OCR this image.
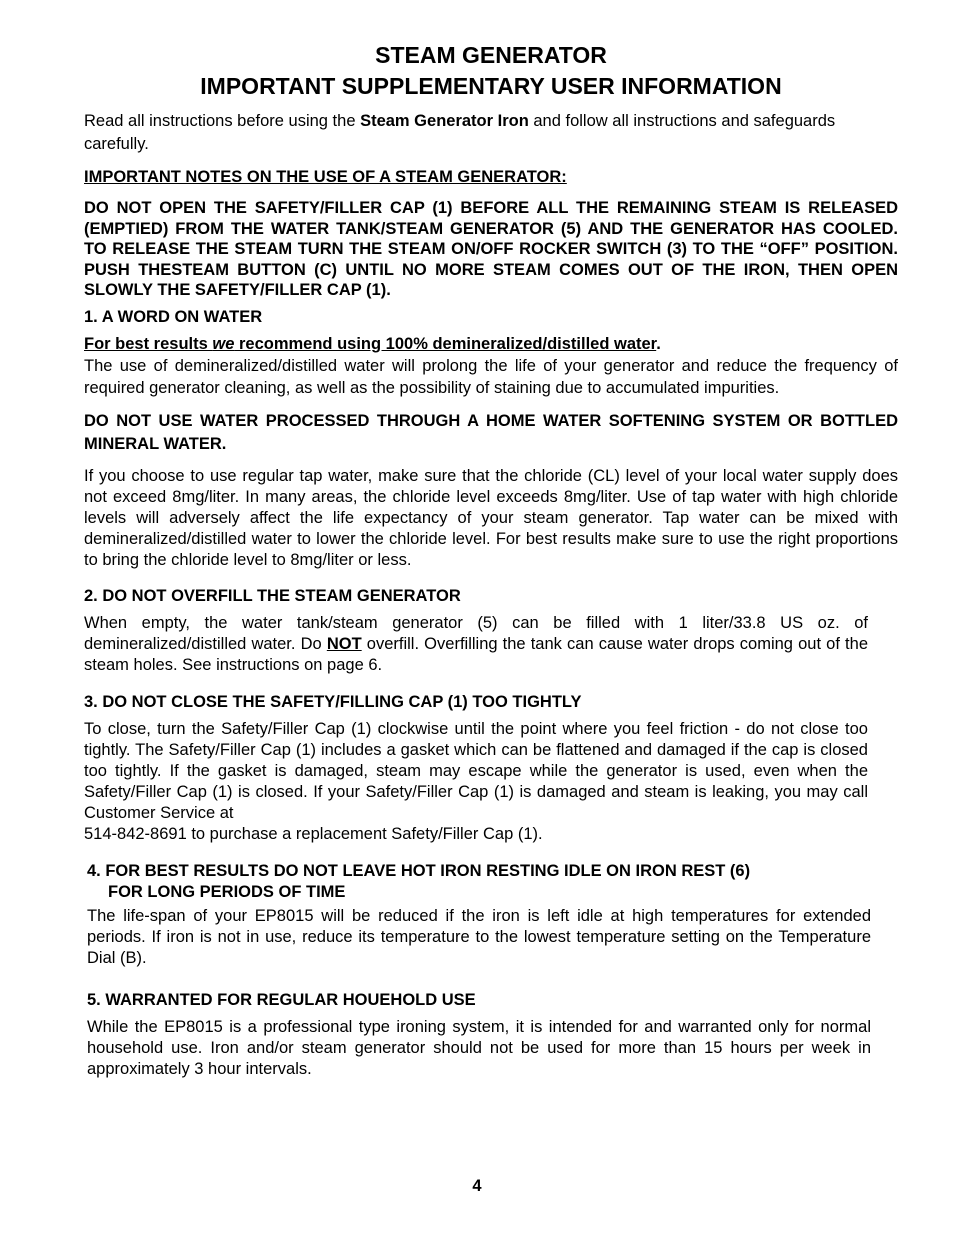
STEAM GENERATOR
IMPORTANT SUPPLEMENTARY USER INFORMATION

Read all instructions before using the Steam Generator Iron and follow all instructions and safeguards carefully.

IMPORTANT NOTES ON THE USE OF A STEAM GENERATOR:

DO NOT OPEN THE SAFETY/FILLER CAP (1) BEFORE ALL THE REMAINING STEAM IS RELEASED (EMPTIED) FROM THE WATER TANK/STEAM GENERATOR (5) AND THE GENERATOR HAS COOLED. TO RELEASE THE STEAM TURN THE STEAM ON/OFF ROCKER SWITCH (3) TO THE “OFF” POSITION. PUSH THESTEAM BUTTON (C) UNTIL NO MORE STEAM COMES OUT OF THE IRON, THEN OPEN SLOWLY THE SAFETY/FILLER CAP (1).

1. A WORD ON WATER

For best results we recommend using 100% demineralized/distilled water.

The use of demineralized/distilled water will prolong the life of your generator and reduce the frequency of required generator cleaning, as well as the possibility of staining due to accumulated impurities.

DO NOT USE WATER PROCESSED THROUGH A HOME WATER SOFTENING SYSTEM OR BOTTLED MINERAL WATER.

If you choose to use regular tap water, make sure that the chloride (CL) level of your local water supply does not exceed 8mg/liter. In many areas, the chloride level exceeds 8mg/liter. Use of tap water with high chloride levels will adversely affect the life expectancy of your steam generator. Tap water can be mixed with demineralized/distilled water to lower the chloride level. For best results make sure to use the right proportions to bring the chloride level to 8mg/liter or less.

2. DO NOT OVERFILL THE STEAM GENERATOR

When empty, the water tank/steam generator (5) can be filled with 1 liter/33.8 US oz. of demineralized/distilled water. Do NOT overfill. Overfilling the tank can cause water drops coming out of the steam holes. See instructions on page 6.

3. DO NOT CLOSE THE SAFETY/FILLING CAP (1) TOO TIGHTLY

To close, turn the Safety/Filler Cap (1) clockwise until the point where you feel friction - do not close too tightly. The Safety/Filler Cap (1) includes a gasket which can be flattened and damaged if the cap is closed too tightly. If the gasket is damaged, steam may escape while the generator is used, even when the Safety/Filler Cap (1) is closed. If your Safety/Filler Cap (1) is damaged and steam is leaking, you may call Customer Service at

514-842-8691 to purchase a replacement Safety/Filler Cap (1).

4. FOR BEST RESULTS DO NOT LEAVE HOT IRON RESTING IDLE ON IRON REST (6)

FOR LONG PERIODS OF TIME

The life-span of your EP8015 will be reduced if the iron is left idle at high temperatures for extended periods. If iron is not in use, reduce its temperature to the lowest temperature setting on the Temperature Dial (B).

5. WARRANTED FOR REGULAR HOUEHOLD USE

While the EP8015 is a professional type ironing system, it is intended for and warranted only for normal household use. Iron and/or steam generator should not be used for more than 15 hours per week in approximately 3 hour intervals.

4
